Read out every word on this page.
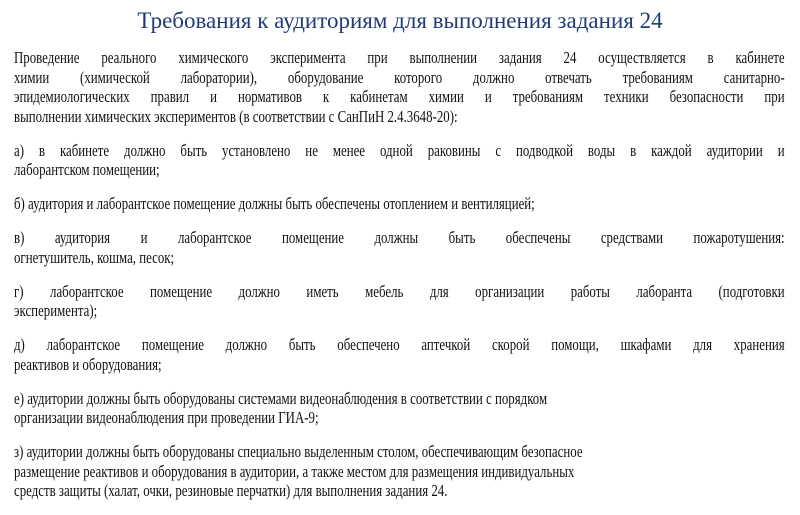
Требования к аудиториям для выполнения задания 24
Проведение реального химического эксперимента при выполнении задания 24 осуществляется в кабинете
химии (химической лаборатории), оборудование которого должно отвечать требованиям санитарно-
эпидемиологических правил и нормативов к кабинетам химии и требованиям техники безопасности при
выполнении химических экспериментов (в соответствии с СанПиН 2.4.3648-20):
а) в кабинете должно быть установлено не менее одной раковины с подводкой воды в каждой аудитории и
лаборантском помещении;
б) аудитория и лаборантское помещение должны быть обеспечены отоплением и вентиляцией;
в) аудитория и лаборантское помещение должны быть обеспечены средствами пожаротушения:
огнетушитель, кошма, песок;
г) лаборантское помещение должно иметь мебель для организации работы лаборанта (подготовки
эксперимента);
д) лаборантское помещение должно быть обеспечено аптечкой скорой помощи, шкафами для хранения
реактивов и оборудования;
е) аудитории должны быть оборудованы системами видеонаблюдения в соответствии с порядком
организации видеонаблюдения при проведении ГИА-9;
з) аудитории должны быть оборудованы специально выделенным столом, обеспечивающим безопасное
размещение реактивов и оборудования в аудитории, а также местом для размещения индивидуальных
средств защиты (халат, очки, резиновые перчатки) для выполнения задания 24.
